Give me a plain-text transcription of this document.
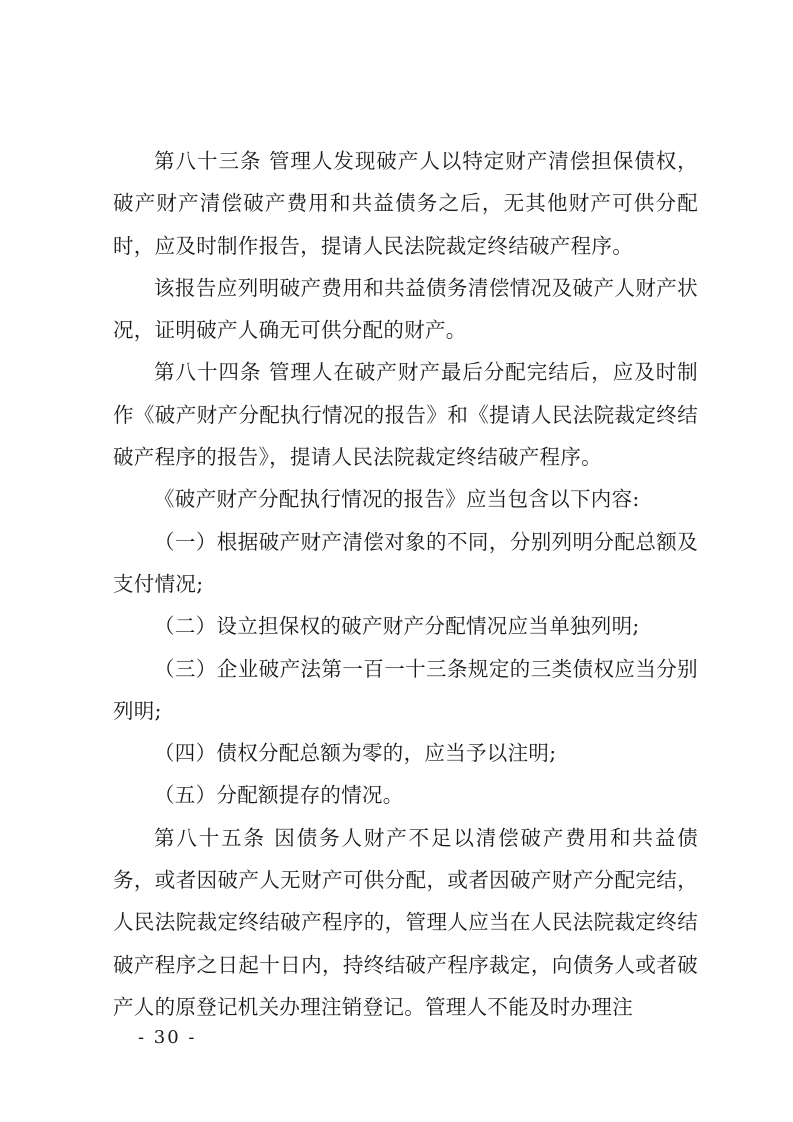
第八十三条 管理人发现破产人以特定财产清偿担保债权，破产财产清偿破产费用和共益债务之后，无其他财产可供分配时，应及时制作报告，提请人民法院裁定终结破产程序。

该报告应列明破产费用和共益债务清偿情况及破产人财产状况，证明破产人确无可供分配的财产。

第八十四条 管理人在破产财产最后分配完结后，应及时制作《破产财产分配执行情况的报告》和《提请人民法院裁定终结破产程序的报告》，提请人民法院裁定终结破产程序。

《破产财产分配执行情况的报告》应当包含以下内容:

（一）根据破产财产清偿对象的不同，分别列明分配总额及支付情况;

（二）设立担保权的破产财产分配情况应当单独列明;

（三）企业破产法第一百一十三条规定的三类债权应当分别列明;

（四）债权分配总额为零的，应当予以注明;

（五）分配额提存的情况。

第八十五条 因债务人财产不足以清偿破产费用和共益债务，或者因破产人无财产可供分配，或者因破产财产分配完结，人民法院裁定终结破产程序的，管理人应当在人民法院裁定终结破产程序之日起十日内，持终结破产程序裁定，向债务人或者破产人的原登记机关办理注销登记。管理人不能及时办理注

- 30 -
